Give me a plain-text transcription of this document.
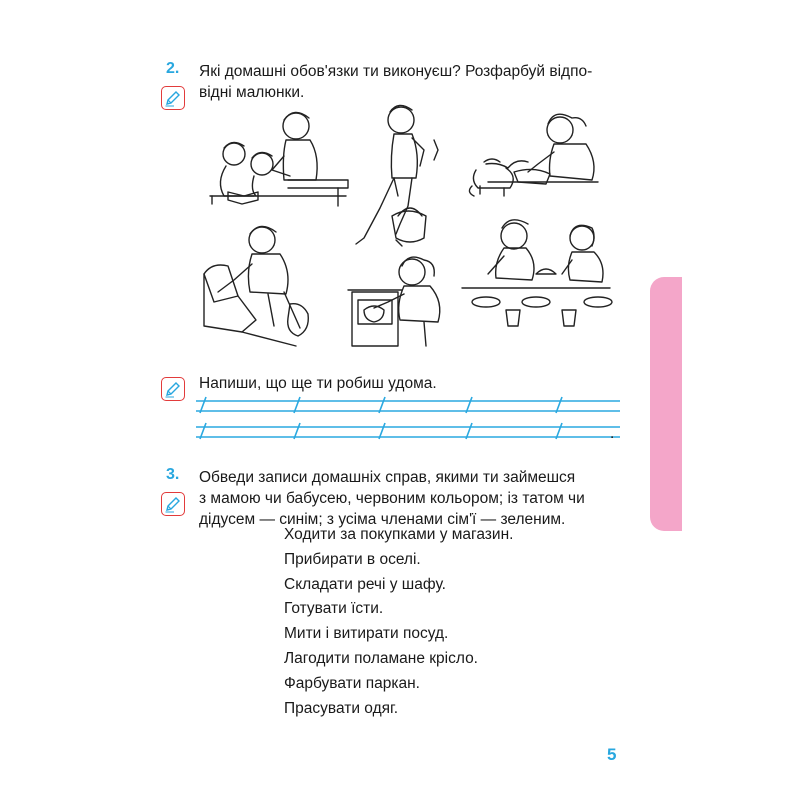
2. Які домашні обов'язки ти виконуєш? Розфарбуй відпо-
відні малюнки.
Напиши, що ще ти робиш удома.
.
3. Обведи записи домашніх справ, якими ти займешся
з мамою чи бабусею, червоним кольором; із татом чи
дідусем — синім; з усіма членами сім'ї — зеленим.
Ходити за покупками у магазин.
Прибирати в оселі.
Складати речі у шафу.
Готувати їсти.
Мити і витирати посуд.
Лагодити поламане крісло.
Фарбувати паркан.
Прасувати одяг.
5
